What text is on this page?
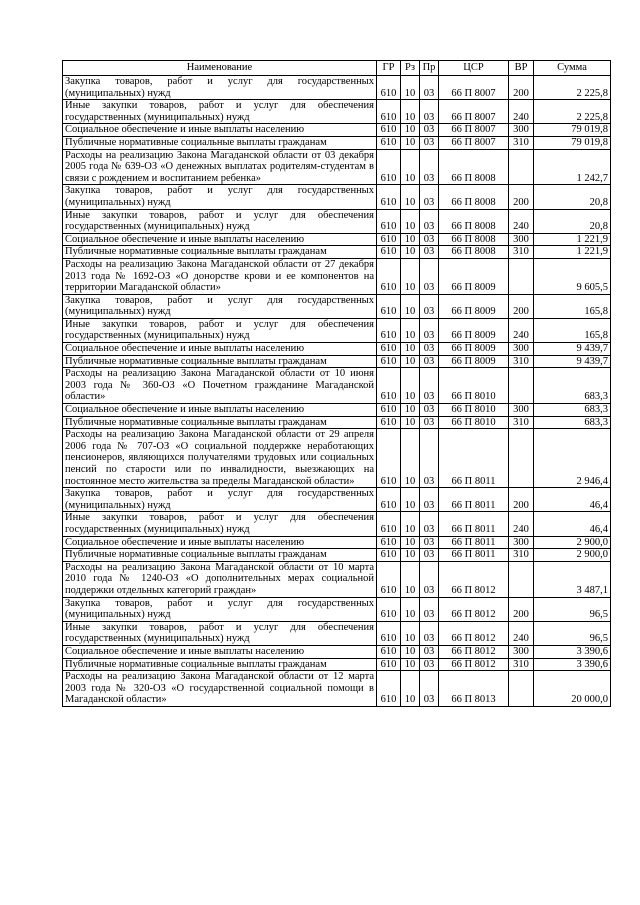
Наименование	ГР	Рз	Пр	ЦСР	ВР	Сумма
Закупка товаров, работ и услуг для государственных (муниципальных) нужд	610	10	03	66 П 8007	200	2 225,8
Иные закупки товаров, работ и услуг для обеспечения государственных (муниципальных) нужд	610	10	03	66 П 8007	240	2 225,8
Социальное обеспечение и иные выплаты населению	610	10	03	66 П 8007	300	79 019,8
Публичные нормативные социальные выплаты гражданам	610	10	03	66 П 8007	310	79 019,8
Расходы на реализацию Закона Магаданской области от 03 декабря 2005 года № 639-ОЗ «О денежных выплатах родителям-студентам в связи с рождением и воспитанием ребенка»	610	10	03	66 П 8008		1 242,7
Закупка товаров, работ и услуг для государственных (муниципальных) нужд	610	10	03	66 П 8008	200	20,8
Иные закупки товаров, работ и услуг для обеспечения государственных (муниципальных) нужд	610	10	03	66 П 8008	240	20,8
Социальное обеспечение и иные выплаты населению	610	10	03	66 П 8008	300	1 221,9
Публичные нормативные социальные выплаты гражданам	610	10	03	66 П 8008	310	1 221,9
Расходы на реализацию Закона Магаданской области от 27 декабря 2013 года № 1692-ОЗ «О донорстве крови и ее компонентов на территории Магаданской области»	610	10	03	66 П 8009		9 605,5
Закупка товаров, работ и услуг для государственных (муниципальных) нужд	610	10	03	66 П 8009	200	165,8
Иные закупки товаров, работ и услуг для обеспечения государственных (муниципальных) нужд	610	10	03	66 П 8009	240	165,8
Социальное обеспечение и иные выплаты населению	610	10	03	66 П 8009	300	9 439,7
Публичные нормативные социальные выплаты гражданам	610	10	03	66 П 8009	310	9 439,7
Расходы на реализацию Закона Магаданской области от 10 июня 2003 года № 360-ОЗ «О Почетном гражданине Магаданской области»	610	10	03	66 П 8010		683,3
Социальное обеспечение и иные выплаты населению	610	10	03	66 П 8010	300	683,3
Публичные нормативные социальные выплаты гражданам	610	10	03	66 П 8010	310	683,3
Расходы на реализацию Закона Магаданской области от 29 апреля 2006 года № 707-ОЗ «О социальной поддержке неработающих пенсионеров, являющихся получателями трудовых или социальных пенсий по старости или по инвалидности, выезжающих на постоянное место жительства за пределы Магаданской области»	610	10	03	66 П 8011		2 946,4
Закупка товаров, работ и услуг для государственных (муниципальных) нужд	610	10	03	66 П 8011	200	46,4
Иные закупки товаров, работ и услуг для обеспечения государственных (муниципальных) нужд	610	10	03	66 П 8011	240	46,4
Социальное обеспечение и иные выплаты населению	610	10	03	66 П 8011	300	2 900,0
Публичные нормативные социальные выплаты гражданам	610	10	03	66 П 8011	310	2 900,0
Расходы на реализацию Закона Магаданской области от 10 марта 2010 года № 1240-ОЗ «О дополнительных мерах социальной поддержки отдельных категорий граждан»	610	10	03	66 П 8012		3 487,1
Закупка товаров, работ и услуг для государственных (муниципальных) нужд	610	10	03	66 П 8012	200	96,5
Иные закупки товаров, работ и услуг для обеспечения государственных (муниципальных) нужд	610	10	03	66 П 8012	240	96,5
Социальное обеспечение и иные выплаты населению	610	10	03	66 П 8012	300	3 390,6
Публичные нормативные социальные выплаты гражданам	610	10	03	66 П 8012	310	3 390,6
Расходы на реализацию Закона Магаданской области от 12 марта 2003 года № 320-ОЗ «О государственной социальной помощи в Магаданской области»	610	10	03	66 П 8013		20 000,0
